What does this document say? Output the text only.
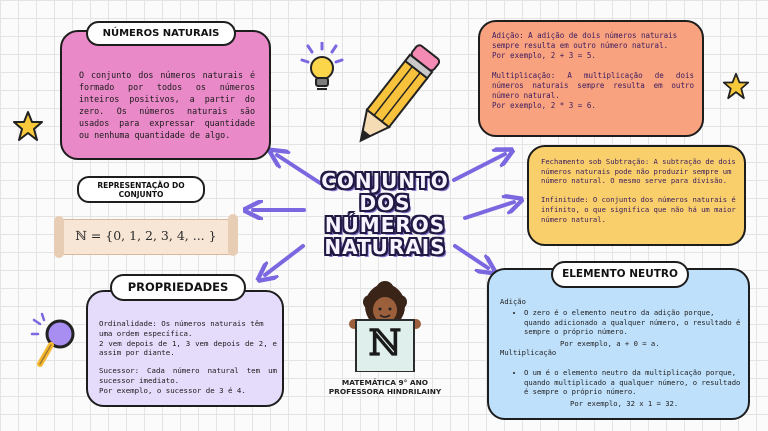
O conjunto dos números naturais é formado por todos os números inteiros positivos, a partir do zero. Os números naturais são usados para expressar quantidade ou nenhuma quantidade de algo.
NÚMEROS NATURAIS
REPRESENTAÇÃO DO
CONJUNTO
ℕ = {0, 1, 2, 3, 4, ... }
Ordinalidade: Os números naturais têm uma ordem específica.
2 vem depois de 1, 3 vem depois de 2, e assim por diante.
Sucessor: Cada número natural tem um sucessor imediato.
Por exemplo, o sucessor de 3 é 4.
PROPRIEDADES
CONJUNTO
DOS
NÚMEROS
NATURAIS
ℕ
MATEMÁTICA 9° ANO
PROFESSORA HINDRILAINY
Adição: A adição de dois números naturais sempre resulta em outro número natural.
Por exemplo, 2 + 3 = 5.
Multiplicação: A multiplicação de dois números naturais sempre resulta em outro número natural.
Por exemplo, 2 * 3 = 6.
Fechamento sob Subtração: A subtração de dois números naturais pode não produzir sempre um número natural. O mesmo serve para divisão.
Infinitude: O conjunto dos números naturais é infinito, o que significa que não há um maior número natural.
Adição
• O zero é o elemento neutro da adição porque, quando adicionado a qualquer número, o resultado é sempre o próprio número.
Por exemplo, a + 0 = a.
Multiplicação
• O um é o elemento neutro da multiplicação porque, quando multiplicado a qualquer número, o resultado é sempre o próprio número.
Por exemplo, 32 x 1 = 32.
ELEMENTO NEUTRO
